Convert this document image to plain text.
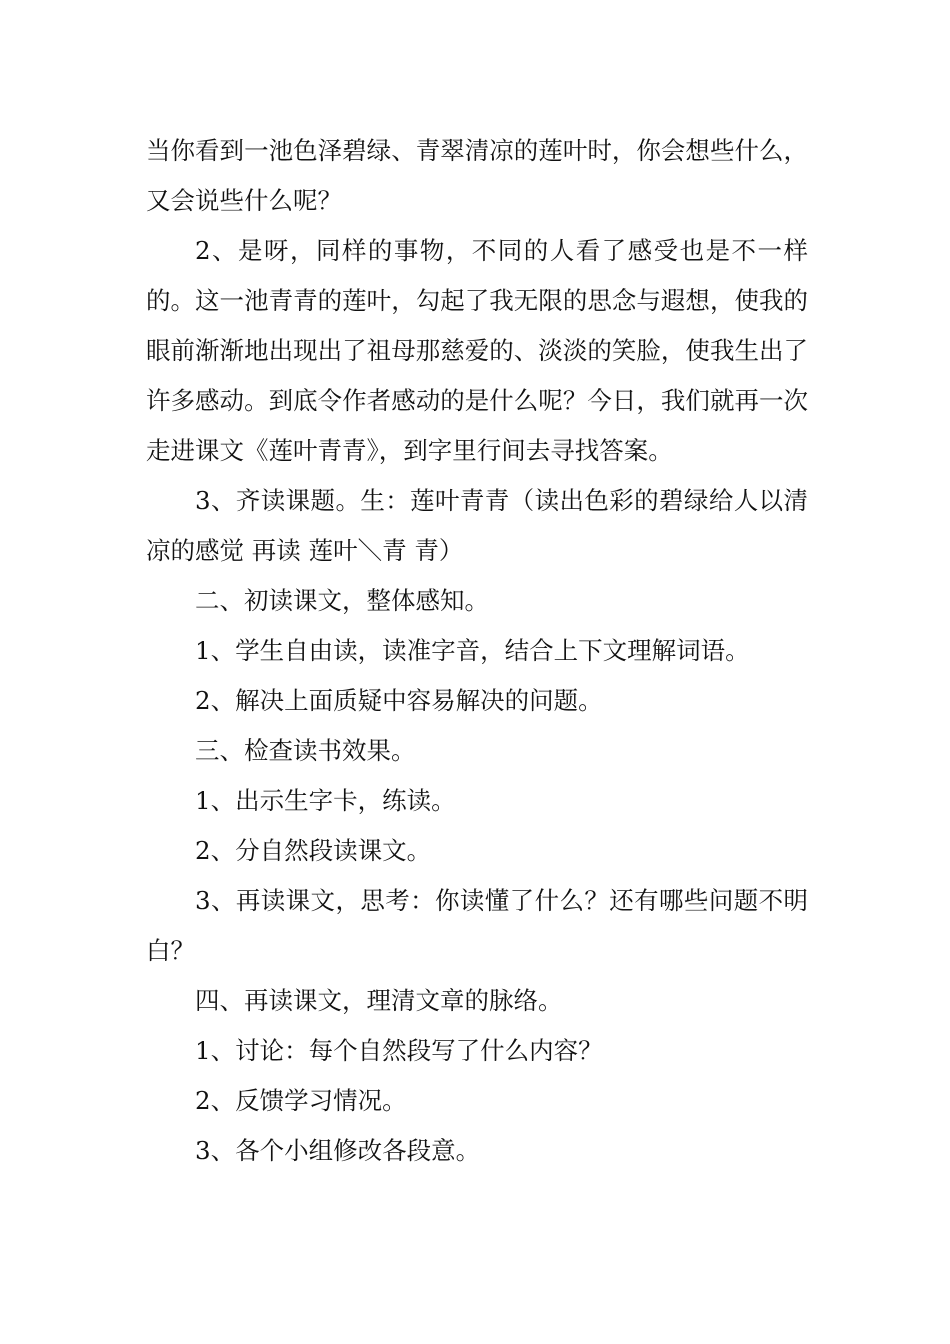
当你看到一池色泽碧绿、青翠清凉的莲叶时，你会想些什么，又会说些什么呢？

2、是呀，同样的事物，不同的人看了感受也是不一样的。这一池青青的莲叶，勾起了我无限的思念与遐想，使我的眼前渐渐地出现出了祖母那慈爱的、淡淡的笑脸，使我生出了许多感动。到底令作者感动的是什么呢？今日，我们就再一次走进课文《莲叶青青》，到字里行间去寻找答案。

3、齐读课题。生：莲叶青青（读出色彩的碧绿给人以清凉的感觉 再读 莲叶＼青 青）

二、初读课文，整体感知。

1、学生自由读，读准字音，结合上下文理解词语。

2、解决上面质疑中容易解决的问题。

三、检查读书效果。

1、出示生字卡，练读。

2、分自然段读课文。

3、再读课文，思考：你读懂了什么？还有哪些问题不明白？

四、再读课文，理清文章的脉络。

1、讨论：每个自然段写了什么内容？

2、反馈学习情况。

3、各个小组修改各段意。
